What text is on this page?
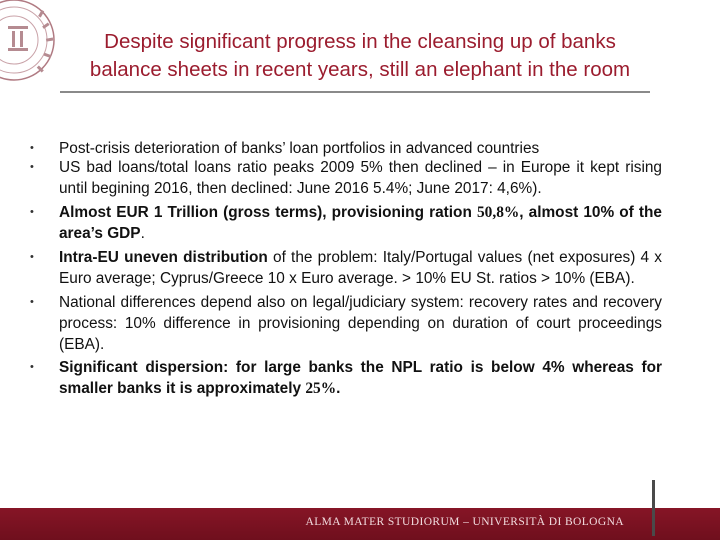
Despite significant progress in the cleansing up of banks
balance sheets in recent years, still an elephant in the room
• Post-crisis deterioration of banks’ loan portfolios in advanced countries
• US bad loans/total loans ratio peaks 2009 5% then declined – in Europe it kept rising until begining 2016, then declined: June 2016 5.4%; June 2017: 4,6%).
• Almost EUR 1 Trillion (gross terms), provisioning ration 50,8%, almost 10% of the area’s GDP.
• Intra-EU uneven distribution of the problem: Italy/Portugal values (net exposures) 4 x Euro average; Cyprus/Greece 10 x Euro average. > 10% EU St. ratios > 10% (EBA).
• National differences depend also on legal/judiciary system: recovery rates and recovery process: 10% difference in provisioning depending on duration of court proceedings (EBA).
• Significant dispersion: for large banks the NPL ratio is below 4% whereas for smaller banks it is approximately 25%.
ALMA MATER STUDIORUM – UNIVERSITÀ DI BOLOGNA
